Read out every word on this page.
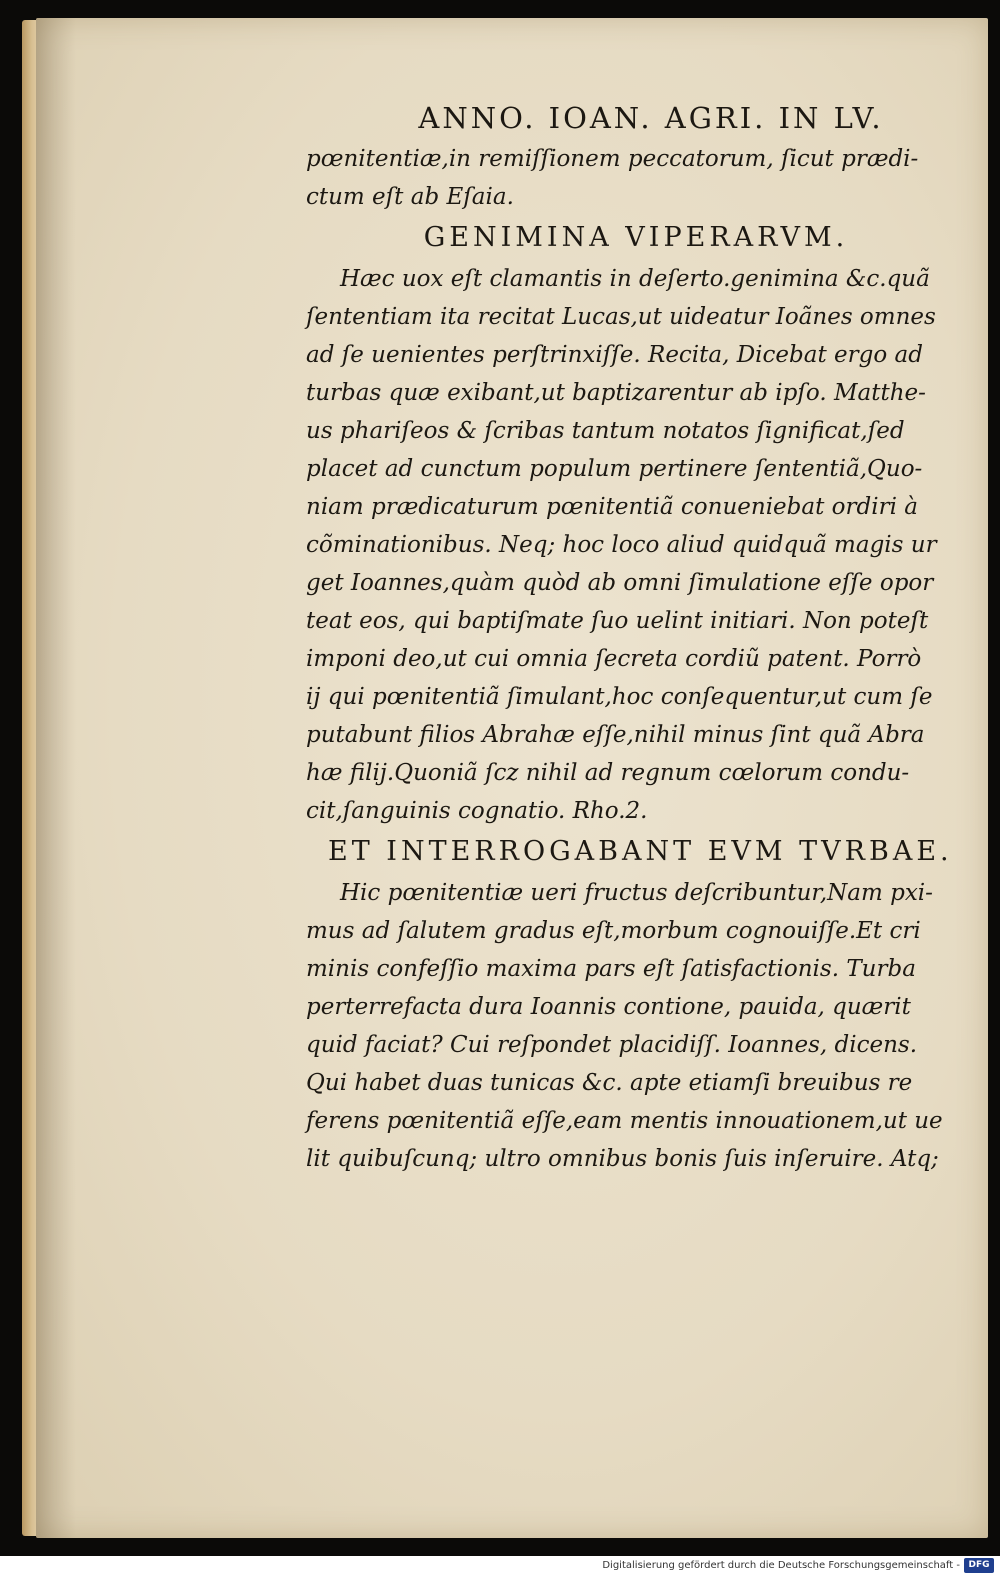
ANNO. IOAN. AGRI. IN LV.
pœnitentiæ,in remiſſionem peccatorum, ſicut prædi-
ctum eſt ab Eſaia.
GENIMINA VIPERARVM.
Hæc uox eſt clamantis in deſerto.genimina &c.quã
ſententiam ita recitat Lucas,ut uideatur Ioãnes omnes
ad ſe uenientes perſtrinxiſſe. Recita, Dicebat ergo ad
turbas quæ exibant,ut baptizarentur ab ipſo. Matthe-
us phariſeos & ſcribas tantum notatos ſignificat,ſed
placet ad cunctum populum pertinere ſententiã,Quo-
niam prædicaturum pœnitentiã conueniebat ordiri à
cõminationibus. Neq; hoc loco aliud quidquã magis ur
get Ioannes,quàm quòd ab omni ſimulatione eſſe opor
teat eos, qui baptiſmate ſuo uelint initiari. Non poteſt
imponi deo,ut cui omnia ſecreta cordiũ patent. Porrò
ij qui pœnitentiã ſimulant,hoc conſequentur,ut cum ſe
putabunt filios Abrahæ eſſe,nihil minus ſint quã Abra
hæ filij.Quoniã ſcz nihil ad regnum cœlorum condu-
cit,ſanguinis cognatio. Rho.2.
ET INTERROGABANT EVM TVRBAE.
Hic pœnitentiæ ueri fructus deſcribuntur,Nam pxi-
mus ad ſalutem gradus eſt,morbum cognouiſſe.Et cri
minis confeſſio maxima pars eſt ſatisfactionis. Turba
perterrefacta dura Ioannis contione, pauida, quærit
quid faciat? Cui reſpondet placidiſſ. Ioannes, dicens.
Qui habet duas tunicas &c. apte etiamſi breuibus re
ferens pœnitentiã eſſe,eam mentis innouationem,ut ue
lit quibuſcunq; ultro omnibus bonis ſuis inſeruire. Atq;
Digitalisierung gefördert durch die Deutsche Forschungsgemeinschaft - DFG
